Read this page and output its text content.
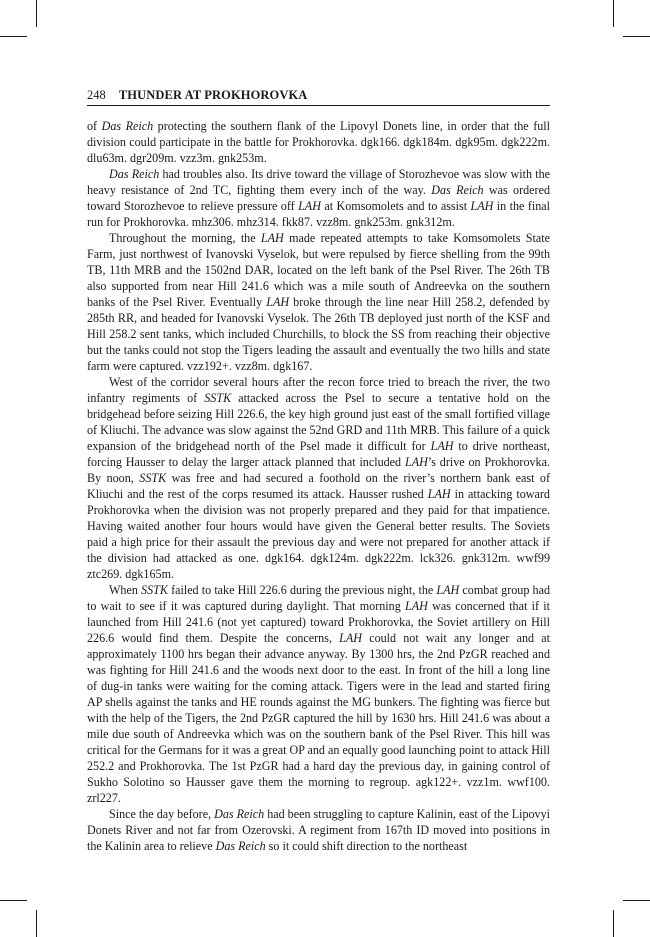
248 THUNDER AT PROKHOROVKA

of Das Reich protecting the southern flank of the Lipovyl Donets line, in order that the full division could participate in the battle for Prokhorovka. dgk166. dgk184m. dgk95m. dgk222m. dlu63m. dgr209m. vzz3m. gnk253m.

Das Reich had troubles also. Its drive toward the village of Storozhevoe was slow with the heavy resistance of 2nd TC, fighting them every inch of the way. Das Reich was ordered toward Storozhevoe to relieve pressure off LAH at Komsomolets and to assist LAH in the final run for Prokhorovka. mhz306. mhz314. fkk87. vzz8m. gnk253m. gnk312m.

Throughout the morning, the LAH made repeated attempts to take Komsomolets State Farm, just northwest of Ivanovski Vyselok, but were repulsed by fierce shelling from the 99th TB, 11th MRB and the 1502nd DAR, located on the left bank of the Psel River. The 26th TB also supported from near Hill 241.6 which was a mile south of Andreevka on the southern banks of the Psel River. Eventually LAH broke through the line near Hill 258.2, defended by 285th RR, and headed for Ivanovski Vyselok. The 26th TB deployed just north of the KSF and Hill 258.2 sent tanks, which included Churchills, to block the SS from reaching their objective but the tanks could not stop the Tigers leading the assault and eventually the two hills and state farm were captured. vzz192+. vzz8m. dgk167.

West of the corridor several hours after the recon force tried to breach the river, the two infantry regiments of SSTK attacked across the Psel to secure a tentative hold on the bridgehead before seizing Hill 226.6, the key high ground just east of the small fortified village of Kliuchi. The advance was slow against the 52nd GRD and 11th MRB. This failure of a quick expansion of the bridgehead north of the Psel made it difficult for LAH to drive northeast, forcing Hausser to delay the larger attack planned that included LAH’s drive on Prokhorovka. By noon, SSTK was free and had secured a foothold on the river’s northern bank east of Kliuchi and the rest of the corps resumed its attack. Hausser rushed LAH in attacking toward Prokhorovka when the division was not properly prepared and they paid for that impatience. Having waited another four hours would have given the General better results. The Soviets paid a high price for their assault the previous day and were not prepared for another attack if the division had attacked as one. dgk164. dgk124m. dgk222m. lck326. gnk312m. wwf99 ztc269. dgk165m.

When SSTK failed to take Hill 226.6 during the previous night, the LAH combat group had to wait to see if it was captured during daylight. That morning LAH was concerned that if it launched from Hill 241.6 (not yet captured) toward Prokhorovka, the Soviet artillery on Hill 226.6 would find them. Despite the concerns, LAH could not wait any longer and at approximately 1100 hrs began their advance anyway. By 1300 hrs, the 2nd PzGR reached and was fighting for Hill 241.6 and the woods next door to the east. In front of the hill a long line of dug-in tanks were waiting for the coming attack. Tigers were in the lead and started firing AP shells against the tanks and HE rounds against the MG bunkers. The fighting was fierce but with the help of the Tigers, the 2nd PzGR captured the hill by 1630 hrs. Hill 241.6 was about a mile due south of Andreevka which was on the southern bank of the Psel River. This hill was critical for the Germans for it was a great OP and an equally good launching point to attack Hill 252.2 and Prokhorovka. The 1st PzGR had a hard day the previous day, in gaining control of Sukho Solotino so Hausser gave them the morning to regroup. agk122+. vzz1m. wwf100. zrl227.

Since the day before, Das Reich had been struggling to capture Kalinin, east of the Lipovyi Donets River and not far from Ozerovski. A regiment from 167th ID moved into positions in the Kalinin area to relieve Das Reich so it could shift direction to the northeast
